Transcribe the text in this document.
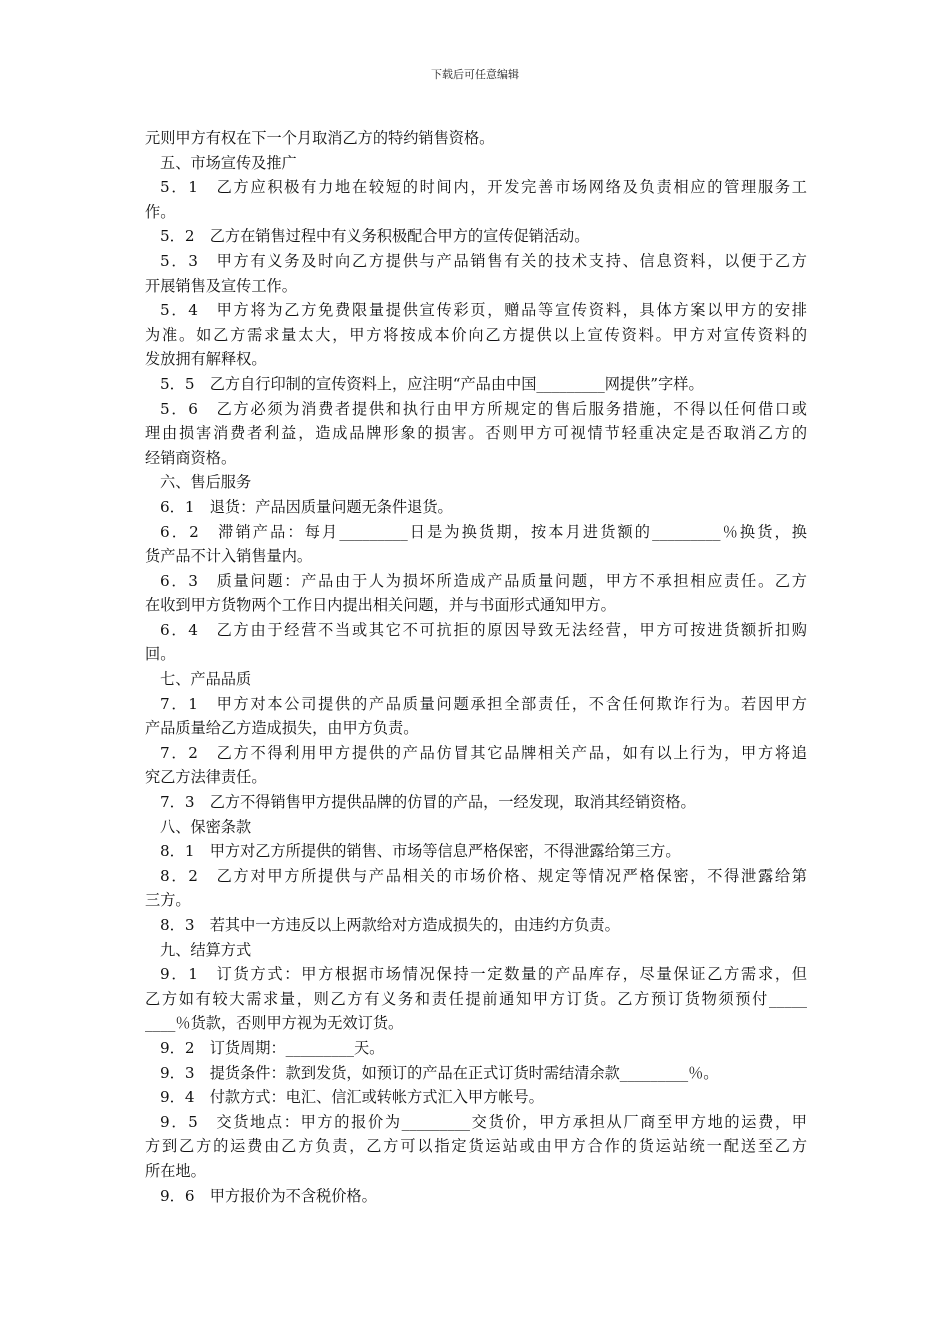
下载后可任意编辑
元则甲方有权在下一个月取消乙方的特约销售资格。
五、市场宣传及推广
5．1　乙方应积极有力地在较短的时间内，开发完善市场网络及负责相应的管理服务工
作。
5．2　乙方在销售过程中有义务积极配合甲方的宣传促销活动。
5．3　甲方有义务及时向乙方提供与产品销售有关的技术支持、信息资料，以便于乙方
开展销售及宣传工作。
5．4　甲方将为乙方免费限量提供宣传彩页，赠品等宣传资料，具体方案以甲方的安排
为准。如乙方需求量太大，甲方将按成本价向乙方提供以上宣传资料。甲方对宣传资料的
发放拥有解释权。
5．5　乙方自行印制的宣传资料上，应注明“产品由中国_________网提供”字样。
5．6　乙方必须为消费者提供和执行由甲方所规定的售后服务措施，不得以任何借口或
理由损害消费者利益，造成品牌形象的损害。否则甲方可视情节轻重决定是否取消乙方的
经销商资格。
六、售后服务
6．1　退货：产品因质量问题无条件退货。
6．2　滞销产品：每月_________日是为换货期，按本月进货额的_________％换货，换
货产品不计入销售量内。
6．3　质量问题：产品由于人为损坏所造成产品质量问题，甲方不承担相应责任。乙方
在收到甲方货物两个工作日内提出相关问题，并与书面形式通知甲方。
6．4　乙方由于经营不当或其它不可抗拒的原因导致无法经营，甲方可按进货额折扣购
回。
七、产品品质
7．1　甲方对本公司提供的产品质量问题承担全部责任，不含任何欺诈行为。若因甲方
产品质量给乙方造成损失，由甲方负责。
7．2　乙方不得利用甲方提供的产品仿冒其它品牌相关产品，如有以上行为，甲方将追
究乙方法律责任。
7．3　乙方不得销售甲方提供品牌的仿冒的产品，一经发现，取消其经销资格。
八、保密条款
8．1　甲方对乙方所提供的销售、市场等信息严格保密，不得泄露给第三方。
8．2　乙方对甲方所提供与产品相关的市场价格、规定等情况严格保密，不得泄露给第
三方。
8．3　若其中一方违反以上两款给对方造成损失的，由违约方负责。
九、结算方式
9．1　订货方式：甲方根据市场情况保持一定数量的产品库存，尽量保证乙方需求，但
乙方如有较大需求量，则乙方有义务和责任提前通知甲方订货。乙方预订货物须预付_____
____％货款，否则甲方视为无效订货。
9．2　订货周期：_________天。
9．3　提货条件：款到发货，如预订的产品在正式订货时需结清余款_________％。
9．4　付款方式：电汇、信汇或转帐方式汇入甲方帐号。
9．5　交货地点：甲方的报价为_________交货价，甲方承担从厂商至甲方地的运费，甲
方到乙方的运费由乙方负责，乙方可以指定货运站或由甲方合作的货运站统一配送至乙方
所在地。
9．6　甲方报价为不含税价格。
